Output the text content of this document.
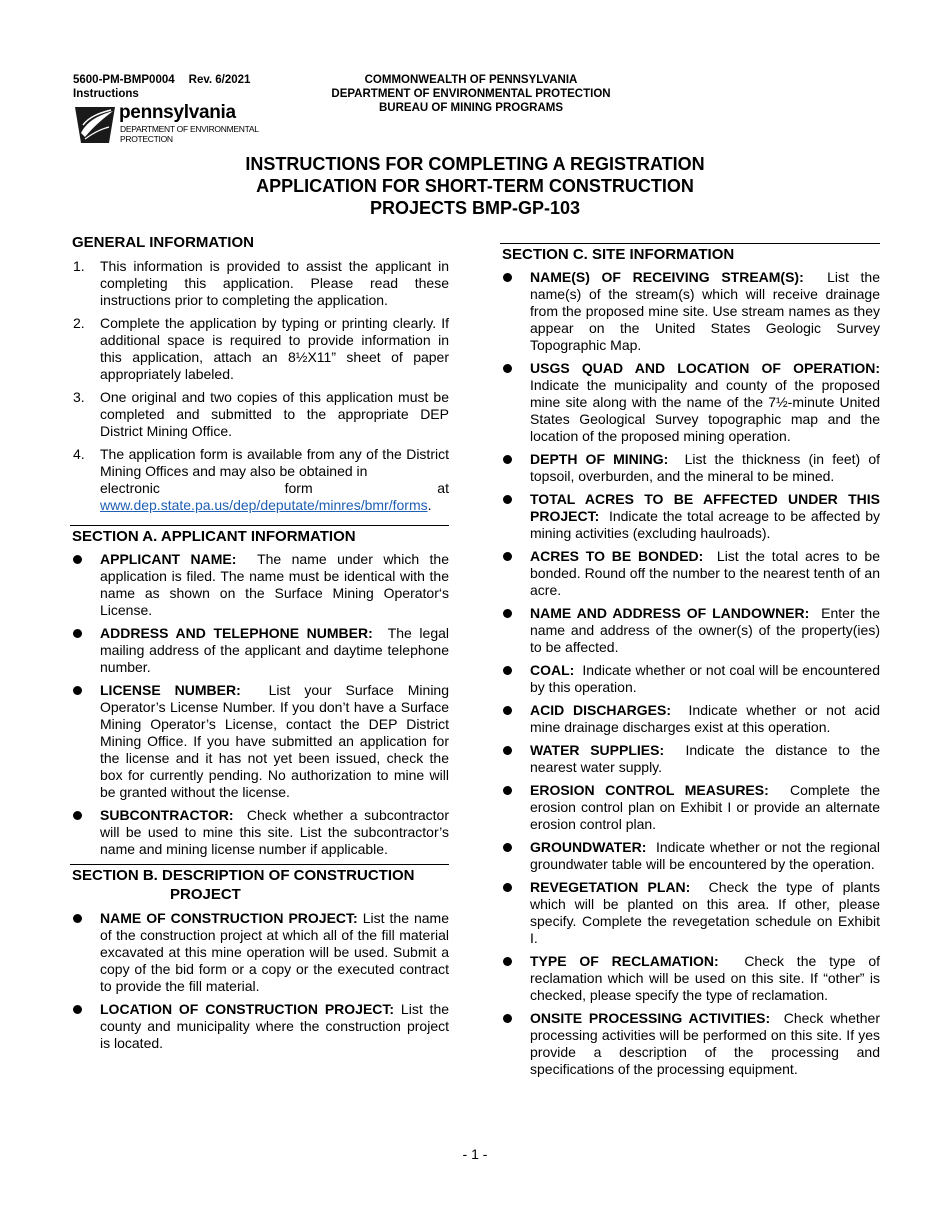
5600-PM-BMP0004 Rev. 6/2021
Instructions
COMMONWEALTH OF PENNSYLVANIA
DEPARTMENT OF ENVIRONMENTAL PROTECTION
BUREAU OF MINING PROGRAMS
pennsylvania
DEPARTMENT OF ENVIRONMENTAL
PROTECTION
INSTRUCTIONS FOR COMPLETING A REGISTRATION
APPLICATION FOR SHORT-TERM CONSTRUCTION
PROJECTS BMP-GP-103
GENERAL INFORMATION
1. This information is provided to assist the applicant in completing this application. Please read these instructions prior to completing the application.
2. Complete the application by typing or printing clearly. If additional space is required to provide information in this application, attach an 8½X11” sheet of paper appropriately labeled.
3. One original and two copies of this application must be completed and submitted to the appropriate DEP District Mining Office.
4. The application form is available from any of the District Mining Offices and may also be obtained in
electronic	form	at
www.dep.state.pa.us/dep/deputate/minres/bmr/forms.
SECTION A. APPLICANT INFORMATION
APPLICANT NAME: The name under which the application is filed. The name must be identical with the name as shown on the Surface Mining Operator‘s License.
ADDRESS AND TELEPHONE NUMBER: The legal mailing address of the applicant and daytime telephone number.
LICENSE NUMBER: List your Surface Mining Operator’s License Number. If you don’t have a Surface Mining Operator’s License, contact the DEP District Mining Office. If you have submitted an application for the license and it has not yet been issued, check the box for currently pending. No authorization to mine will be granted without the license.
SUBCONTRACTOR: Check whether a subcontractor will be used to mine this site. List the subcontractor’s name and mining license number if applicable.
SECTION B. DESCRIPTION OF CONSTRUCTION
PROJECT
NAME OF CONSTRUCTION PROJECT: List the name of the construction project at which all of the fill material excavated at this mine operation will be used. Submit a copy of the bid form or a copy or the executed contract to provide the fill material.
LOCATION OF CONSTRUCTION PROJECT: List the county and municipality where the construction project is located.
SECTION C. SITE INFORMATION
NAME(S) OF RECEIVING STREAM(S): List the name(s) of the stream(s) which will receive drainage from the proposed mine site. Use stream names as they appear on the United States Geologic Survey Topographic Map.
USGS QUAD AND LOCATION OF OPERATION: Indicate the municipality and county of the proposed mine site along with the name of the 7½-minute United States Geological Survey topographic map and the location of the proposed mining operation.
DEPTH OF MINING: List the thickness (in feet) of topsoil, overburden, and the mineral to be mined.
TOTAL ACRES TO BE AFFECTED UNDER THIS PROJECT: Indicate the total acreage to be affected by mining activities (excluding haulroads).
ACRES TO BE BONDED: List the total acres to be bonded. Round off the number to the nearest tenth of an acre.
NAME AND ADDRESS OF LANDOWNER: Enter the name and address of the owner(s) of the property(ies) to be affected.
COAL: Indicate whether or not coal will be encountered by this operation.
ACID DISCHARGES: Indicate whether or not acid mine drainage discharges exist at this operation.
WATER SUPPLIES: Indicate the distance to the nearest water supply.
EROSION CONTROL MEASURES: Complete the erosion control plan on Exhibit I or provide an alternate erosion control plan.
GROUNDWATER: Indicate whether or not the regional groundwater table will be encountered by the operation.
REVEGETATION PLAN: Check the type of plants which will be planted on this area. If other, please specify. Complete the revegetation schedule on Exhibit I.
TYPE OF RECLAMATION: Check the type of reclamation which will be used on this site. If “other” is checked, please specify the type of reclamation.
ONSITE PROCESSING ACTIVITIES: Check whether processing activities will be performed on this site. If yes provide a description of the processing and specifications of the processing equipment.
- 1 -
